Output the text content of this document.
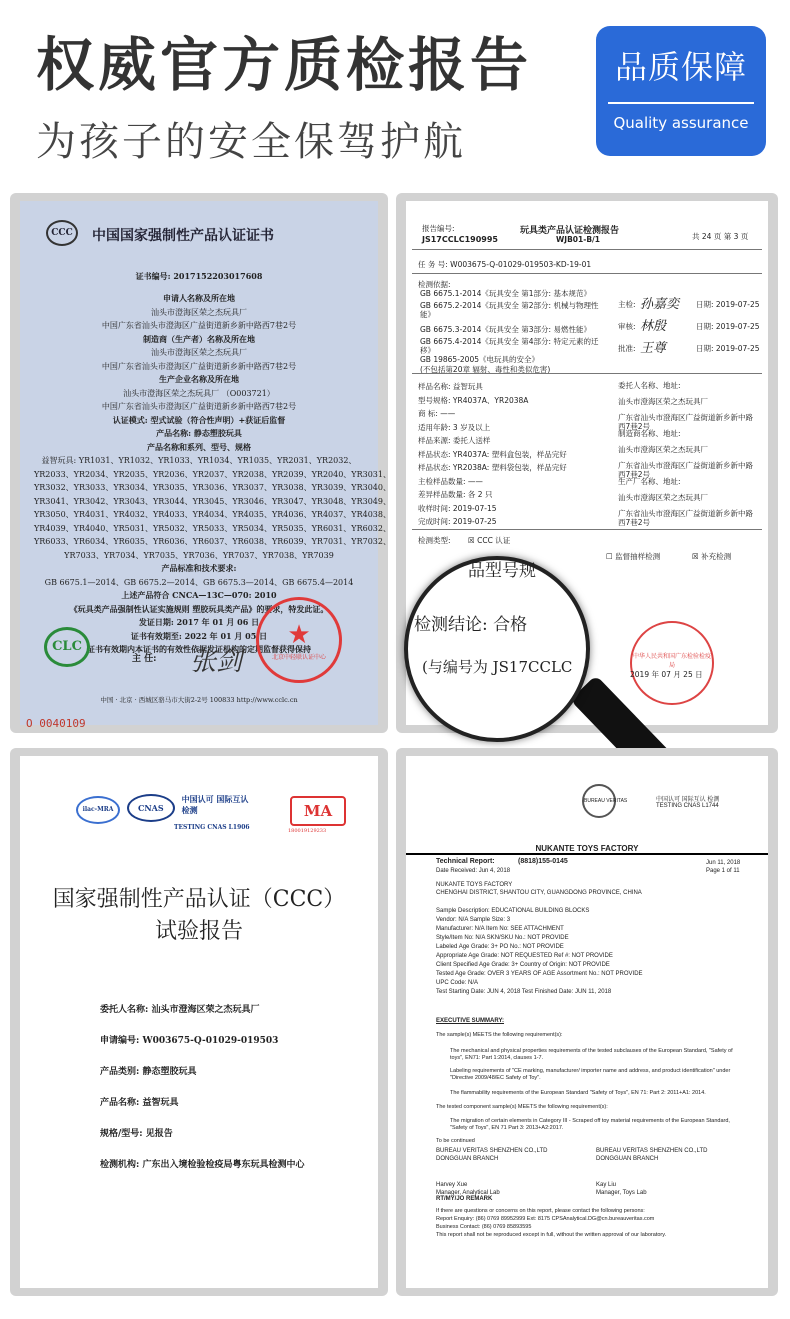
权威官方质检报告
为孩子的安全保驾护航
品质保障
Quality assurance
CCC	中国国家强制性产品认证证书
证书编号: 2017152203017608
申请人名称及所在地
汕头市澄海区荣之杰玩具厂
中国广东省汕头市澄海区广益街道新乡新中路西7巷2号
制造商（生产者）名称及所在地
汕头市澄海区荣之杰玩具厂
中国广东省汕头市澄海区广益街道新乡新中路西7巷2号
生产企业名称及所在地
汕头市澄海区荣之杰玩具厂 （O003721）
中国广东省汕头市澄海区广益街道新乡新中路西7巷2号
认证模式: 型式试验（符合性声明）+获证后监督
产品名称: 静态塑胶玩具
产品名称和系列、型号、规格
益智玩具: YR1031、YR1032、YR1033、YR1034、YR1035、YR2031、YR2032、
YR2033、YR2034、YR2035、YR2036、YR2037、YR2038、YR2039、YR2040、YR3031、
YR3032、YR3033、YR3034、YR3035、YR3036、YR3037、YR3038、YR3039、YR3040、
YR3041、YR3042、YR3043、YR3044、YR3045、YR3046、YR3047、YR3048、YR3049、
YR3050、YR4031、YR4032、YR4033、YR4034、YR4035、YR4036、YR4037、YR4038、
YR4039、YR4040、YR5031、YR5032、YR5033、YR5034、YR5035、YR6031、YR6032、
YR6033、YR6034、YR6035、YR6036、YR6037、YR6038、YR6039、YR7031、YR7032、
YR7033、YR7034、YR7035、YR7036、YR7037、YR7038、YR7039
产品标准和技术要求:
GB 6675.1—2014、GB 6675.2—2014、GB 6675.3—2014、GB 6675.4—2014
上述产品符合 CNCA—13C—070: 2010
《玩具类产品强制性认证实施规则 塑胶玩具类产品》的要求，特发此证。
发证日期: 2017 年 01 月 06 日
证书有效期至: 2022 年 01 月 05 日
证书有效期内本证书的有效性依据发证机构的定期监督获得保持
CLC
主 任: 张剑
★
北京中轻联认证中心
中国 · 北京 · 西城区骆马市大街2-2号 100833 http://www.cclc.cn
O 0040109
报告编号:
JS17CCLC190995
玩具类产品认证检测报告
WJB01-B/1	共 24 页 第 3 页
任 务 号: W003675-Q-01029-019503-KD-19-01
检测依据:
GB 6675.1-2014《玩具安全 第1部分: 基本规范》
GB 6675.2-2014《玩具安全 第2部分: 机械与物理性能》
GB 6675.3-2014《玩具安全 第3部分: 易燃性能》
GB 6675.4-2014《玩具安全 第4部分: 特定元素的迁移》
GB 19865-2005《电玩具的安全》
(不包括第20章 辐射、毒性和类似危害)
主检: 孙嘉奕 日期: 2019-07-25
审核: 林殷	日期: 2019-07-25
批准: 王尊	日期: 2019-07-25
样品名称: 益智玩具
型号规格: YR4037A、YR2038A
商 标: ——
适用年龄: 3 岁及以上
样品来源: 委托人送样
样品状态: YR4037A: 塑料盒包装，样品完好
样品状态: YR2038A: 塑料袋包装，样品完好
主检样品数量: ——
差异样品数量: 各 2 只
收样时间: 2019-07-15
完成时间: 2019-07-25
委托人名称、地址:
汕头市澄海区荣之杰玩具厂
广东省汕头市澄海区广益街道新乡新中路西7巷2号
制造商名称、地址:
汕头市澄海区荣之杰玩具厂
广东省汕头市澄海区广益街道新乡新中路西7巷2号
生产厂名称、地址:
汕头市澄海区荣之杰玩具厂
广东省汕头市澄海区广益街道新乡新中路西7巷2号
检测类型: ☒ CCC 认证
☐ 监督抽样检测	☒ 补充检测
中华人民共和国广东检验检疫局
2019 年 07 月 25 日
品型号规
检测结论: 合格
(与编号为 JS17CCLC
ilac-MRA	CNAS 中国认可 国际互认 检测
TESTING CNAS L1906
MA
180019129233
国家强制性产品认证（CCC）
试验报告
委托人名称: 汕头市澄海区荣之杰玩具厂
申请编号: W003675-Q-01029-019503
产品类别: 静态塑胶玩具
产品名称: 益智玩具
规格/型号: 见报告
检测机构: 广东出入境检验检疫局粤东玩具检测中心
BUREAU VERITAS	中国认可 国际互认 检测 TESTING CNAS L1744
NUKANTE TOYS FACTORY
Technical Report:	(8818)155-0145
Date Received: Jun 4, 2018
Jun 11, 2018
Page 1 of 11
NUKANTE TOYS FACTORY
CHENGHAI DISTRICT, SHANTOU CITY, GUANGDONG PROVINCE, CHINA
Sample Description: EDUCATIONAL BUILDING BLOCKS
Vendor: N/A Sample Size: 3
Manufacturer: N/A Item No: SEE ATTACHMENT
Style/Item No: N/A SKN/SKU No.: NOT PROVIDE
Labeled Age Grade: 3+ PO No.: NOT PROVIDE
Appropriate Age Grade: NOT REQUESTED Ref #: NOT PROVIDE
Client Specified Age Grade: 3+ Country of Origin: NOT PROVIDE
Tested Age Grade: OVER 3 YEARS OF AGE Assortment No.: NOT PROVIDE
UPC Code: N/A
Test Starting Date: JUN 4, 2018 Test Finished Date: JUN 11, 2018
EXECUTIVE SUMMARY:
The sample(s) MEETS the following requirement(s):
The mechanical and physical properties requirements of the tested subclauses of the European Standard, "Safety of toys", EN71: Part 1:2014, clauses 1-7.
Labeling requirements of "CE marking, manufacturer/ importer name and address, and product identification" under "Directive 2009/48/EC Safety of Toy".
The flammability requirements of the European Standard "Safety of Toys", EN 71: Part 2: 2011+A1: 2014.
The tested component sample(s) MEETS the following requirement(s):
The migration of certain elements in Category III - Scraped off toy material requirements of the European Standard, "Safety of Toys", EN 71 Part 3: 2013+A2:2017.
To be continued
BUREAU VERITAS SHENZHEN CO.,LTD
DONGGUAN BRANCH
Harvey Xue
Manager, Analytical Lab
BUREAU VERITAS SHENZHEN CO.,LTD
DONGGUAN BRANCH
Kay Liu
Manager, Toys Lab
RT/MY/JO REMARK
If there are questions or concerns on this report, please contact the following persons:
Report Enquiry: (86) 0769 89952999 Ext: 8175 CPSAnalytical.DG@cn.bureauveritas.com
Business Contact: (86) 0769 85893595
This report shall not be reproduced except in full, without the written approval of our laboratory.
